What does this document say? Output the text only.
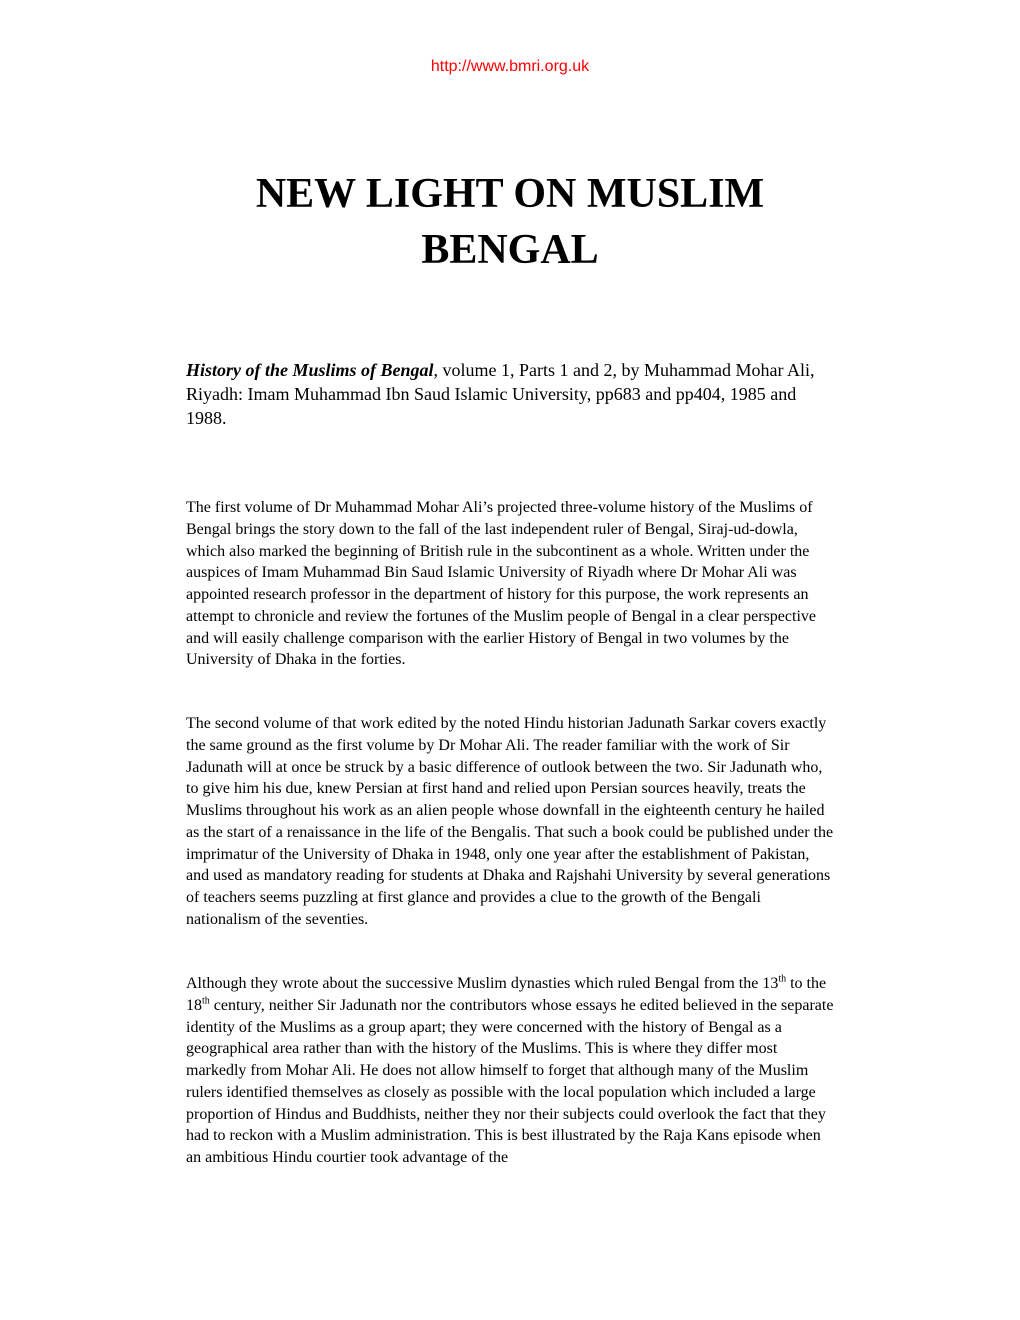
http://www.bmri.org.uk
NEW LIGHT ON MUSLIM
BENGAL

History of the Muslims of Bengal, volume 1, Parts 1 and 2, by Muhammad Mohar Ali, Riyadh: Imam Muhammad Ibn Saud Islamic University, pp683 and pp404, 1985 and 1988.

The first volume of Dr Muhammad Mohar Ali’s projected three-volume history of the Muslims of Bengal brings the story down to the fall of the last independent ruler of Bengal, Siraj-ud-dowla, which also marked the beginning of British rule in the subcontinent as a whole. Written under the auspices of Imam Muhammad Bin Saud Islamic University of Riyadh where Dr Mohar Ali was appointed research professor in the department of history for this purpose, the work represents an attempt to chronicle and review the fortunes of the Muslim people of Bengal in a clear perspective and will easily challenge comparison with the earlier History of Bengal in two volumes by the University of Dhaka in the forties.

The second volume of that work edited by the noted Hindu historian Jadunath Sarkar covers exactly the same ground as the first volume by Dr Mohar Ali. The reader familiar with the work of Sir Jadunath will at once be struck by a basic difference of outlook between the two. Sir Jadunath who, to give him his due, knew Persian at first hand and relied upon Persian sources heavily, treats the Muslims throughout his work as an alien people whose downfall in the eighteenth century he hailed as the start of a renaissance in the life of the Bengalis. That such a book could be published under the imprimatur of the University of Dhaka in 1948, only one year after the establishment of Pakistan, and used as mandatory reading for students at Dhaka and Rajshahi University by several generations of teachers seems puzzling at first glance and provides a clue to the growth of the Bengali nationalism of the seventies.

Although they wrote about the successive Muslim dynasties which ruled Bengal from the 13th to the 18th century, neither Sir Jadunath nor the contributors whose essays he edited believed in the separate identity of the Muslims as a group apart; they were concerned with the history of Bengal as a geographical area rather than with the history of the Muslims. This is where they differ most markedly from Mohar Ali. He does not allow himself to forget that although many of the Muslim rulers identified themselves as closely as possible with the local population which included a large proportion of Hindus and Buddhists, neither they nor their subjects could overlook the fact that they had to reckon with a Muslim administration. This is best illustrated by the Raja Kans episode when an ambitious Hindu courtier took advantage of the
